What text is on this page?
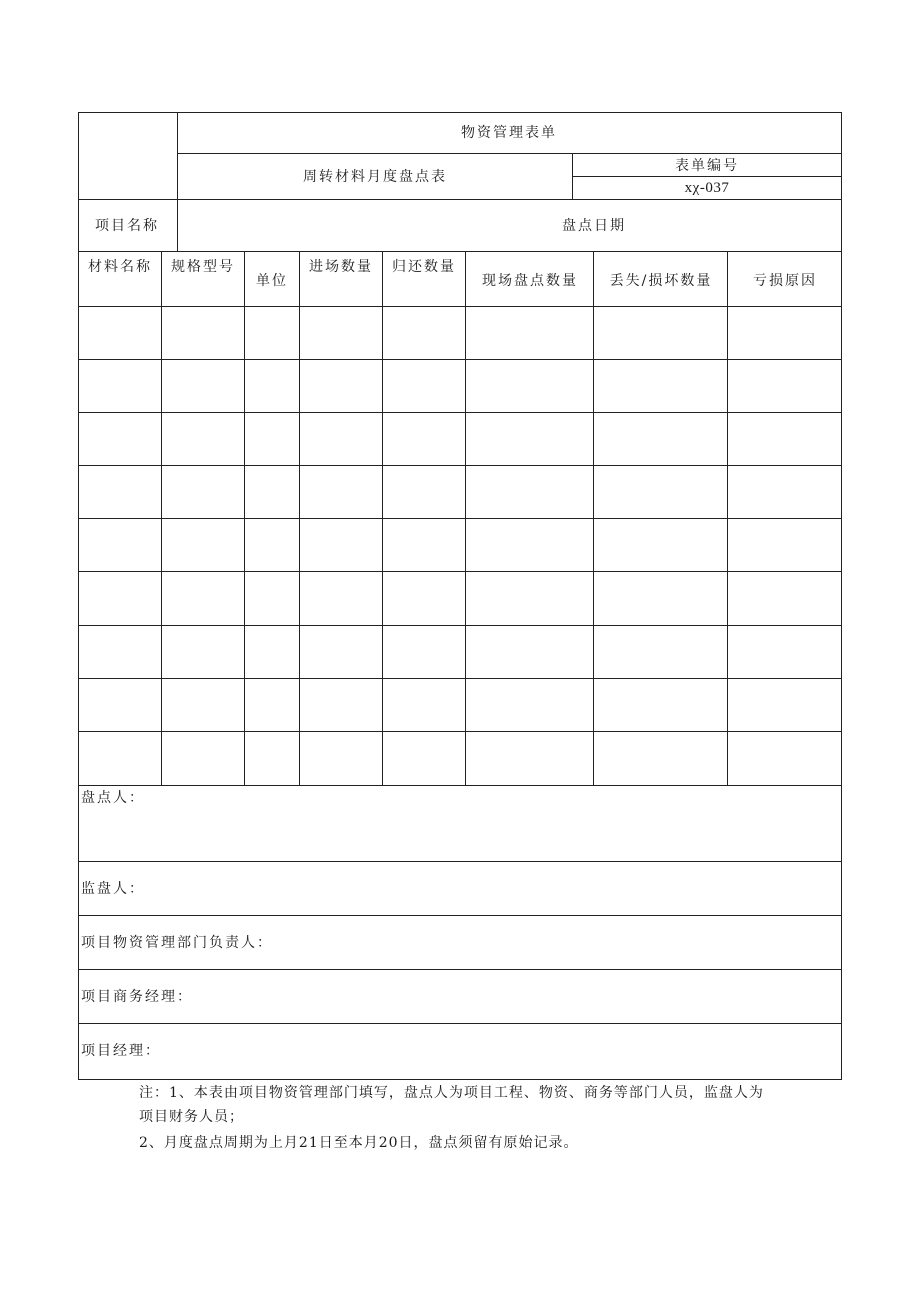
物资管理表单
周转材料月度盘点表
表单编号
xχ-037
项目名称	盘点日期
材料名称 规格型号
单位
进场数量 归还数量
现场盘点数量 丢失/损坏数量	亏损原因
盘点人：
监盘人：
项目物资管理部门负责人：
项目商务经理：
项目经理：
注：1、本表由项目物资管理部门填写，盘点人为项目工程、物资、商务等部门人员，监盘人为
项目财务人员；
2、月度盘点周期为上月21日至本月20日，盘点须留有原始记录。
